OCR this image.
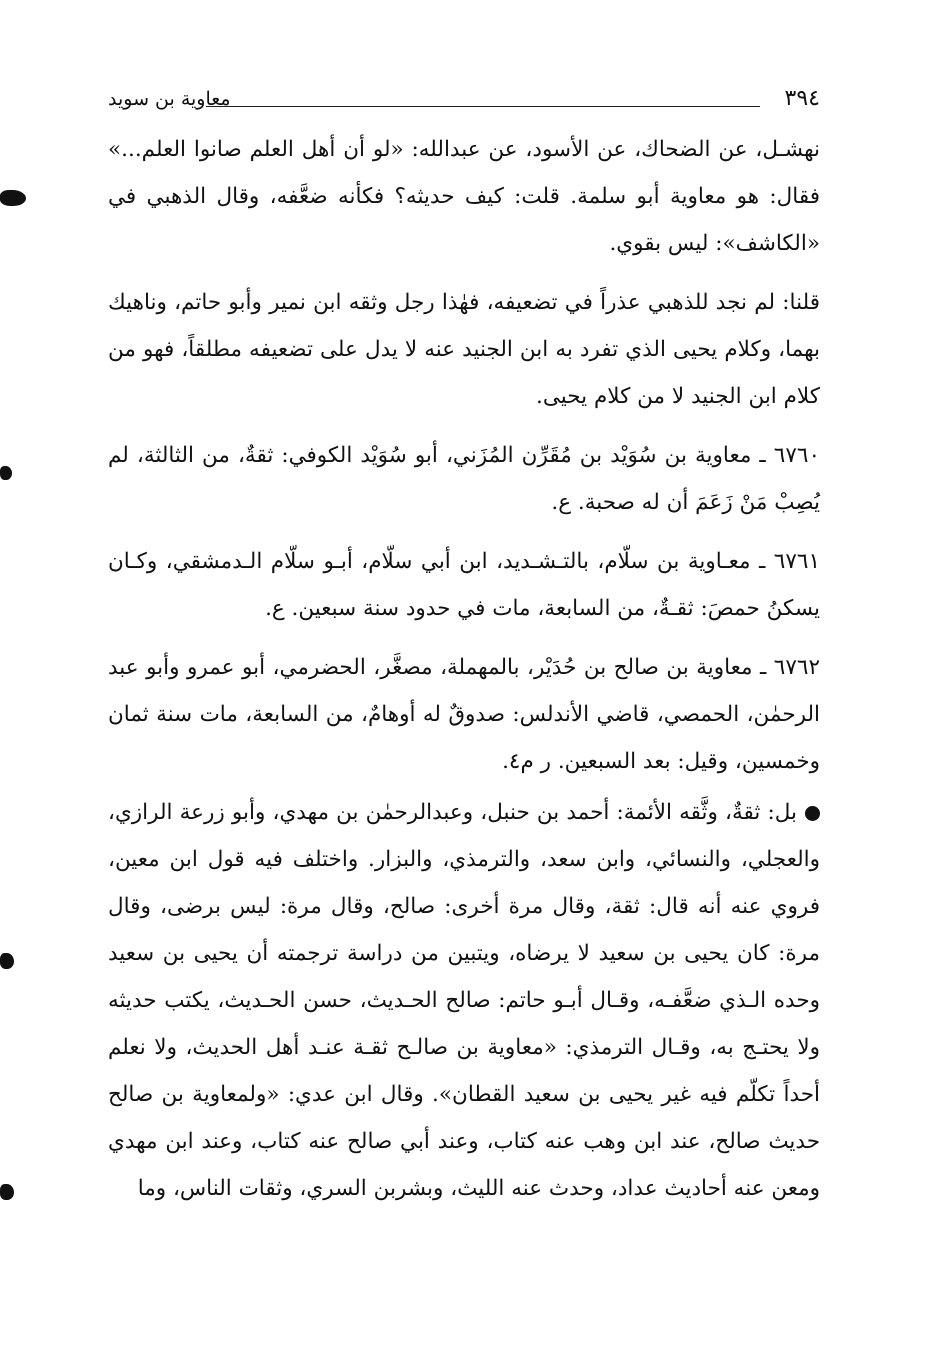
٣٩٤
معاوية بن سويد

نهشـل، عن الضحاك، عن الأسود، عن عبدالله: «لو أن أهل العلم صانوا العلم...» فقال: هو معاوية أبو سلمة. قلت: كيف حديثه؟ فكأنه ضعَّفه، وقال الذهبي في «الكاشف»: ليس بقوي.

قلنا: لم نجد للذهبي عذراً في تضعيفه، فهٰذا رجل وثقه ابن نمير وأبو حاتم، وناهيك بهما، وكلام يحيى الذي تفرد به ابن الجنيد عنه لا يدل على تضعيفه مطلقاً، فهو من كلام ابن الجنيد لا من كلام يحيى.

٦٧٦٠ ـ معاوية بن سُوَيْد بن مُقَرِّن المُزَني، أبو سُوَيْد الكوفي: ثقةٌ، من الثالثة، لم يُصِبْ مَنْ زَعَمَ أن له صحبة. ع.

٦٧٦١ ـ معـاوية بن سلّام، بالتـشـديد، ابن أبي سلّام، أبـو سلّام الـدمشقي، وكـان يسكنُ حمصَ: ثقـةٌ، من السابعة، مات في حدود سنة سبعين. ع.

٦٧٦٢ ـ معاوية بن صالح بن حُدَيْر، بالمهملة، مصغَّر، الحضرمي، أبو عمرو وأبو عبد الرحمٰن، الحمصي، قاضي الأندلس: صدوقٌ له أوهامٌ، من السابعة، مات سنة ثمان وخمسين، وقيل: بعد السبعين. ر م٤.

بل: ثقةٌ، وثَّقه الأئمة: أحمد بن حنبل، وعبدالرحمٰن بن مهدي، وأبو زرعة الرازي، والعجلي، والنسائي، وابن سعد، والترمذي، والبزار. واختلف فيه قول ابن معين، فروي عنه أنه قال: ثقة، وقال مرة أخرى: صالح، وقال مرة: ليس برضى، وقال مرة: كان يحيى بن سعيد لا يرضاه، ويتبين من دراسة ترجمته أن يحيى بن سعيد وحده الـذي ضعَّفـه، وقـال أبـو حاتم: صالح الحـديث، حسن الحـديث، يكتب حديثه ولا يحتـج به، وقـال الترمذي: «معاوية بن صالـح ثقـة عنـد أهل الحديث، ولا نعلم أحداً تكلّم فيه غير يحيى بن سعيد القطان». وقال ابن عدي: «ولمعاوية بن صالح حديث صالح، عند ابن وهب عنه كتاب، وعند أبي صالح عنه كتاب، وعند ابن مهدي ومعن عنه أحاديث عداد، وحدث عنه الليث، وبشربن السري، وثقات الناس، وما
